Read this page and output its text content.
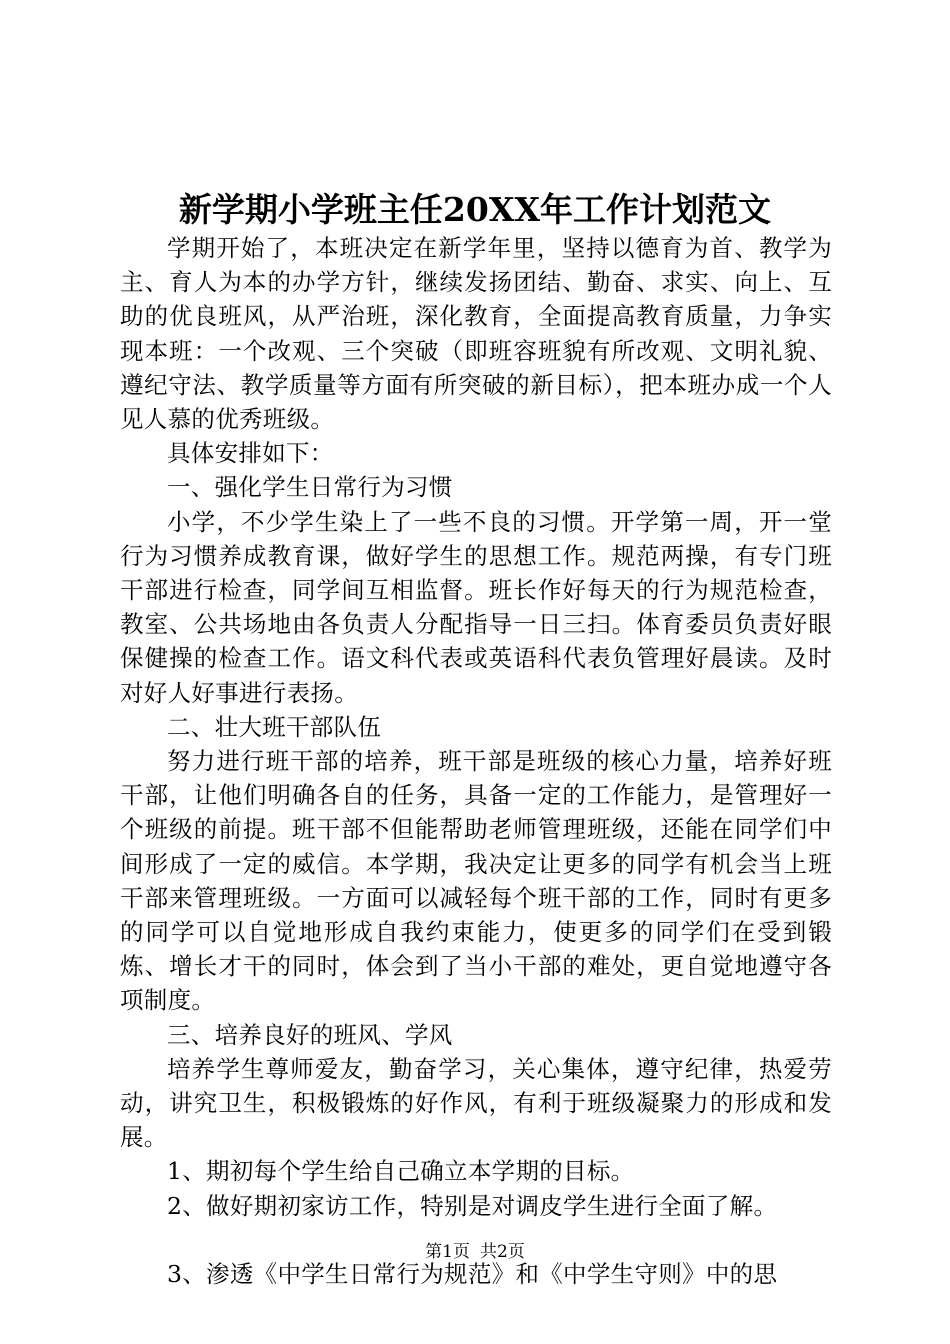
新学期小学班主任20XX年工作计划范文

学期开始了，本班决定在新学年里，坚持以德育为首、教学为主、育人为本的办学方针，继续发扬团结、勤奋、求实、向上、互助的优良班风，从严治班，深化教育，全面提高教育质量，力争实现本班：一个改观、三个突破（即班容班貌有所改观、文明礼貌、遵纪守法、教学质量等方面有所突破的新目标），把本班办成一个人见人慕的优秀班级。

具体安排如下：

一、强化学生日常行为习惯

小学，不少学生染上了一些不良的习惯。开学第一周，开一堂行为习惯养成教育课，做好学生的思想工作。规范两操，有专门班干部进行检查，同学间互相监督。班长作好每天的行为规范检查，教室、公共场地由各负责人分配指导一日三扫。体育委员负责好眼保健操的检查工作。语文科代表或英语科代表负管理好晨读。及时对好人好事进行表扬。

二、壮大班干部队伍

努力进行班干部的培养，班干部是班级的核心力量，培养好班干部，让他们明确各自的任务，具备一定的工作能力，是管理好一个班级的前提。班干部不但能帮助老师管理班级，还能在同学们中间形成了一定的威信。本学期，我决定让更多的同学有机会当上班干部来管理班级。一方面可以减轻每个班干部的工作，同时有更多的同学可以自觉地形成自我约束能力，使更多的同学们在受到锻炼、增长才干的同时，体会到了当小干部的难处，更自觉地遵守各项制度。

三、培养良好的班风、学风

培养学生尊师爱友，勤奋学习，关心集体，遵守纪律，热爱劳动，讲究卫生，积极锻炼的好作风，有利于班级凝聚力的形成和发展。

1、期初每个学生给自己确立本学期的目标。

2、做好期初家访工作，特别是对调皮学生进行全面了解。

3、渗透《中学生日常行为规范》和《中学生守则》中的思

第1页 共2页
